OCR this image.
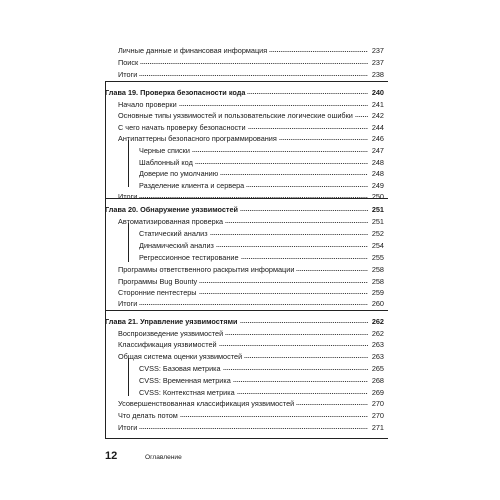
Личные данные и финансовая информация	237
Поиск	237
Итоги	238
Глава 19. Проверка безопасности кода	240
Начало проверки	241
Основные типы уязвимостей и пользовательские логические ошибки	242
С чего начать проверку безопасности	244
Антипаттерны безопасного программирования	246
Черные списки	247
Шаблонный код	248
Доверие по умолчанию	248
Разделение клиента и сервера	249
Итоги	250
Глава 20. Обнаружение уязвимостей	251
Автоматизированная проверка	251
Статический анализ	252
Динамический анализ	254
Регрессионное тестирование	255
Программы ответственного раскрытия информации	258
Программы Bug Bounty	258
Сторонние пентестеры	259
Итоги	260
Глава 21. Управление уязвимостями	262
Воспроизведение уязвимостей	262
Классификация уязвимостей	263
Общая система оценки уязвимостей	263
CVSS: Базовая метрика	265
CVSS: Временная метрика	268
CVSS: Контекстная метрика	269
Усовершенствованная классификация уязвимостей	270
Что делать потом	270
Итоги	271
12	Оглавление
